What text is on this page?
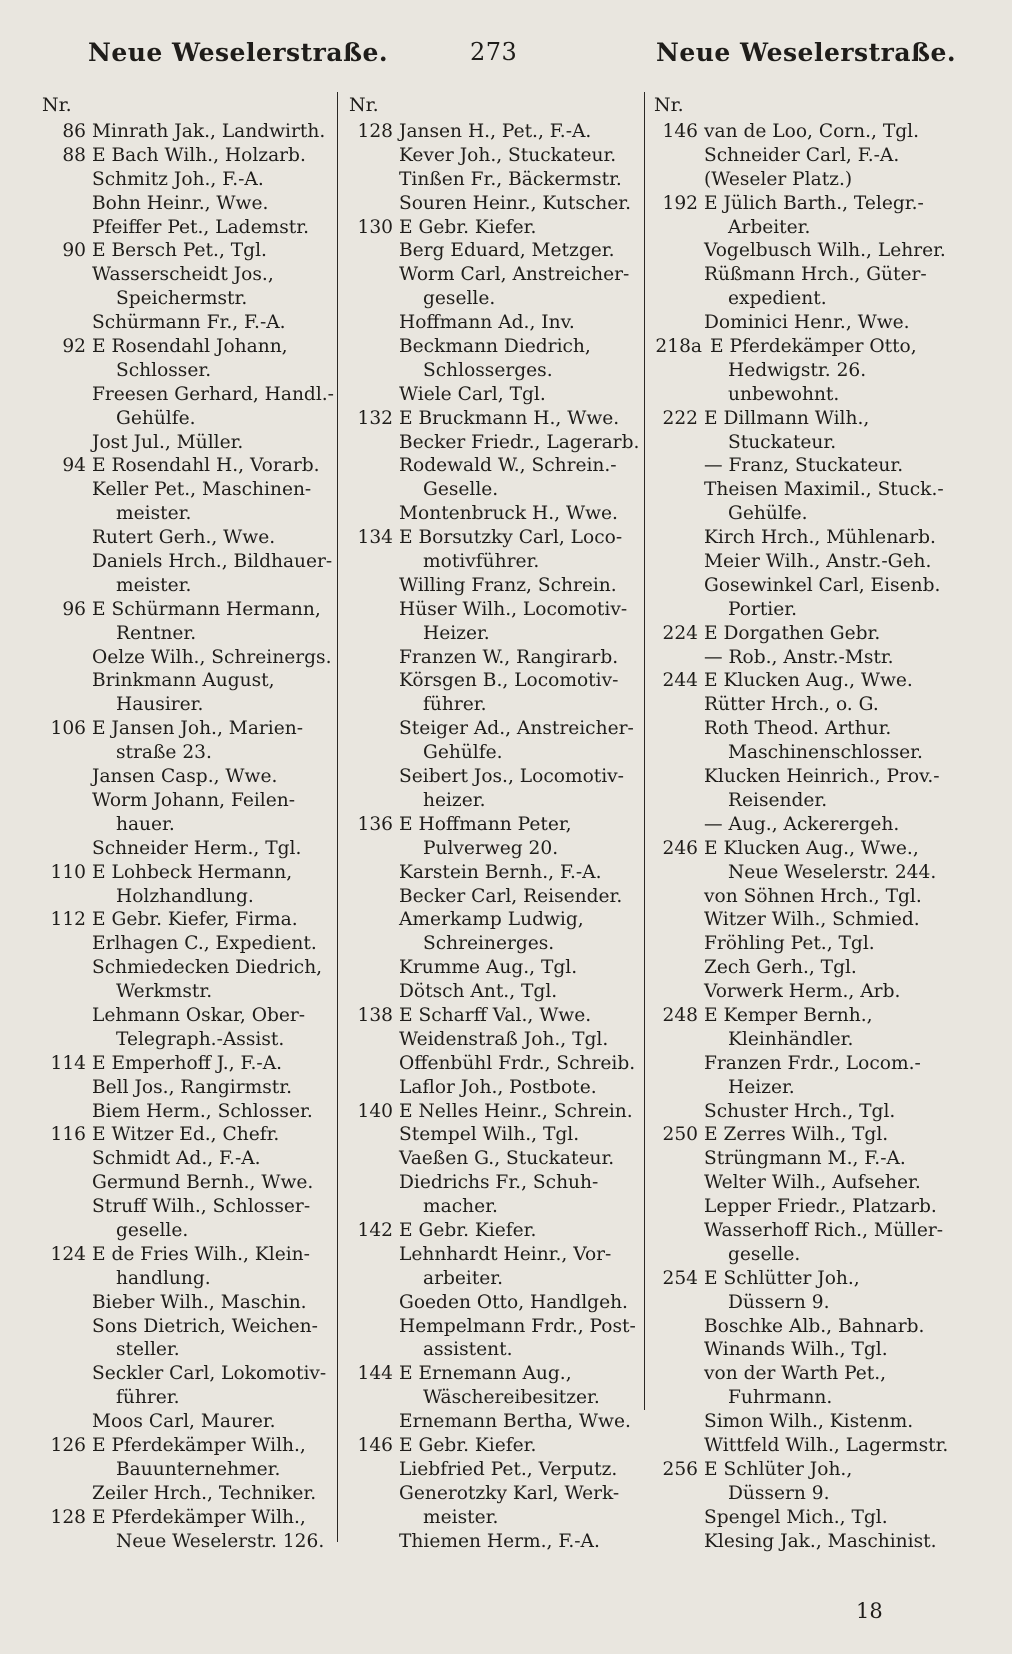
Neue Weselerstraße.	273	Neue Weselerstraße.
Nr.
86 Minrath Jak., Landwirth.
88 E Bach Wilh., Holzarb.
Schmitz Joh., F.-A.
Bohn Heinr., Wwe.
Pfeiffer Pet., Lademstr.
90 E Bersch Pet., Tgl.
Wasserscheidt Jos.,
Speichermstr.
Schürmann Fr., F.-A.
92 E Rosendahl Johann,
Schlosser.
Freesen Gerhard, Handl.-
Gehülfe.
Jost Jul., Müller.
94 E Rosendahl H., Vorarb.
Keller Pet., Maschinen-
meister.
Rutert Gerh., Wwe.
Daniels Hrch., Bildhauer-
meister.
96 E Schürmann Hermann,
Rentner.
Oelze Wilh., Schreinergs.
Brinkmann August,
Hausirer.
106 E Jansen Joh., Marien-
straße 23.
Jansen Casp., Wwe.
Worm Johann, Feilen-
hauer.
Schneider Herm., Tgl.
110 E Lohbeck Hermann,
Holzhandlung.
112 E Gebr. Kiefer, Firma.
Erlhagen C., Expedient.
Schmiedecken Diedrich,
Werkmstr.
Lehmann Oskar, Ober-
Telegraph.-Assist.
114 E Emperhoff J., F.-A.
Bell Jos., Rangirmstr.
Biem Herm., Schlosser.
116 E Witzer Ed., Chefr.
Schmidt Ad., F.-A.
Germund Bernh., Wwe.
Struff Wilh., Schlosser-
geselle.
124 E de Fries Wilh., Klein-
handlung.
Bieber Wilh., Maschin.
Sons Dietrich, Weichen-
steller.
Seckler Carl, Lokomotiv-
führer.
Moos Carl, Maurer.
126 E Pferdekämper Wilh.,
Bauunternehmer.
Zeiler Hrch., Techniker.
128 E Pferdekämper Wilh.,
Neue Weselerstr. 126.
Nr.
128 Jansen H., Pet., F.-A.
Kever Joh., Stuckateur.
Tinßen Fr., Bäckermstr.
Souren Heinr., Kutscher.
130 E Gebr. Kiefer.
Berg Eduard, Metzger.
Worm Carl, Anstreicher-
geselle.
Hoffmann Ad., Inv.
Beckmann Diedrich,
Schlosserges.
Wiele Carl, Tgl.
132 E Bruckmann H., Wwe.
Becker Friedr., Lagerarb.
Rodewald W., Schrein.-
Geselle.
Montenbruck H., Wwe.
134 E Borsutzky Carl, Loco-
motivführer.
Willing Franz, Schrein.
Hüser Wilh., Locomotiv-
Heizer.
Franzen W., Rangirarb.
Körsgen B., Locomotiv-
führer.
Steiger Ad., Anstreicher-
Gehülfe.
Seibert Jos., Locomotiv-
heizer.
136 E Hoffmann Peter,
Pulverweg 20.
Karstein Bernh., F.-A.
Becker Carl, Reisender.
Amerkamp Ludwig,
Schreinerges.
Krumme Aug., Tgl.
Dötsch Ant., Tgl.
138 E Scharff Val., Wwe.
Weidenstraß Joh., Tgl.
Offenbühl Frdr., Schreib.
Laflor Joh., Postbote.
140 E Nelles Heinr., Schrein.
Stempel Wilh., Tgl.
Vaeßen G., Stuckateur.
Diedrichs Fr., Schuh-
macher.
142 E Gebr. Kiefer.
Lehnhardt Heinr., Vor-
arbeiter.
Goeden Otto, Handlgeh.
Hempelmann Frdr., Post-
assistent.
144 E Ernemann Aug.,
Wäschereibesitzer.
Ernemann Bertha, Wwe.
146 E Gebr. Kiefer.
Liebfried Pet., Verputz.
Generotzky Karl, Werk-
meister.
Thiemen Herm., F.-A.
Nr.
146 van de Loo, Corn., Tgl.
Schneider Carl, F.-A.
(Weseler Platz.)
192 E Jülich Barth., Telegr.-
Arbeiter.
Vogelbusch Wilh., Lehrer.
Rüßmann Hrch., Güter-
expedient.
Dominici Henr., Wwe.
218a E Pferdekämper Otto,
Hedwigstr. 26.
unbewohnt.
222 E Dillmann Wilh.,
Stuckateur.
— Franz, Stuckateur.
Theisen Maximil., Stuck.-
Gehülfe.
Kirch Hrch., Mühlenarb.
Meier Wilh., Anstr.-Geh.
Gosewinkel Carl, Eisenb.
Portier.
224 E Dorgathen Gebr.
— Rob., Anstr.-Mstr.
244 E Klucken Aug., Wwe.
Rütter Hrch., o. G.
Roth Theod. Arthur.
Maschinenschlosser.
Klucken Heinrich., Prov.-
Reisender.
— Aug., Ackerergeh.
246 E Klucken Aug., Wwe.,
Neue Weselerstr. 244.
von Söhnen Hrch., Tgl.
Witzer Wilh., Schmied.
Fröhling Pet., Tgl.
Zech Gerh., Tgl.
Vorwerk Herm., Arb.
248 E Kemper Bernh.,
Kleinhändler.
Franzen Frdr., Locom.-
Heizer.
Schuster Hrch., Tgl.
250 E Zerres Wilh., Tgl.
Strüngmann M., F.-A.
Welter Wilh., Aufseher.
Lepper Friedr., Platzarb.
Wasserhoff Rich., Müller-
geselle.
254 E Schlütter Joh.,
Düssern 9.
Boschke Alb., Bahnarb.
Winands Wilh., Tgl.
von der Warth Pet.,
Fuhrmann.
Simon Wilh., Kistenm.
Wittfeld Wilh., Lagermstr.
256 E Schlüter Joh.,
Düssern 9.
Spengel Mich., Tgl.
Klesing Jak., Maschinist.
18
